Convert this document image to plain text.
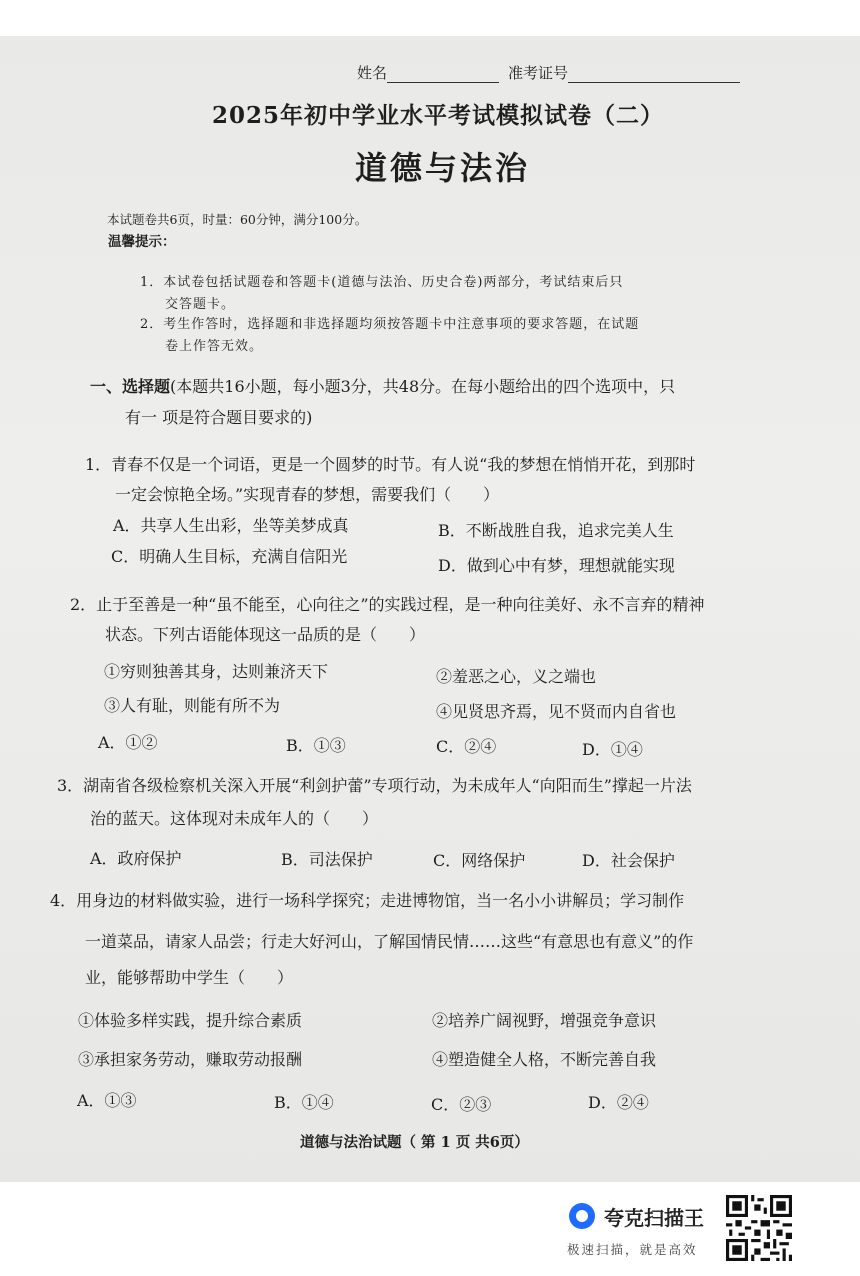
姓名	准考证号
2025年初中学业水平考试模拟试卷（二）
道德与法治
本试题卷共6页，时量：60分钟，满分100分。
温馨提示：
1．本试卷包括试题卷和答题卡(道德与法治、历史合卷)两部分，考试结束后只
交答题卡。
2．考生作答时，选择题和非选择题均须按答题卡中注意事项的要求答题，在试题
卷上作答无效。
一、选择题(本题共16小题，每小题3分，共48分。在每小题给出的四个选项中，只
有一 项是符合题目要求的)
1．青春不仅是一个词语，更是一个圆梦的时节。有人说“我的梦想在悄悄开花，到那时
一定会惊艳全场。”实现青春的梦想，需要我们（　　）
A．共享人生出彩，坐等美梦成真	B．不断战胜自我，追求完美人生
C．明确人生目标，充满自信阳光	D．做到心中有梦，理想就能实现
2．止于至善是一种“虽不能至，心向往之”的实践过程，是一种向往美好、永不言弃的精神
状态。下列古语能体现这一品质的是（　　）
①穷则独善其身，达则兼济天下	②羞恶之心，义之端也
③人有耻，则能有所不为	④见贤思齐焉，见不贤而内自省也
A．①②	B．①③	C．②④	D．①④
3．湖南省各级检察机关深入开展“利剑护蕾”专项行动，为未成年人“向阳而生”撑起一片法
治的蓝天。这体现对未成年人的（　　）
A．政府保护	B．司法保护	C．网络保护	D．社会保护
4．用身边的材料做实验，进行一场科学探究；走进博物馆，当一名小小讲解员；学习制作
一道菜品，请家人品尝；行走大好河山，了解国情民情……这些“有意思也有意义”的作
业，能够帮助中学生（　　）
①体验多样实践，提升综合素质	②培养广阔视野，增强竞争意识
③承担家务劳动，赚取劳动报酬	④塑造健全人格，不断完善自我
A．①③	B．①④	C．②③	D．②④
道德与法治试题（ 第 1 页 共6页）
夸克扫描王
极速扫描，就是高效
